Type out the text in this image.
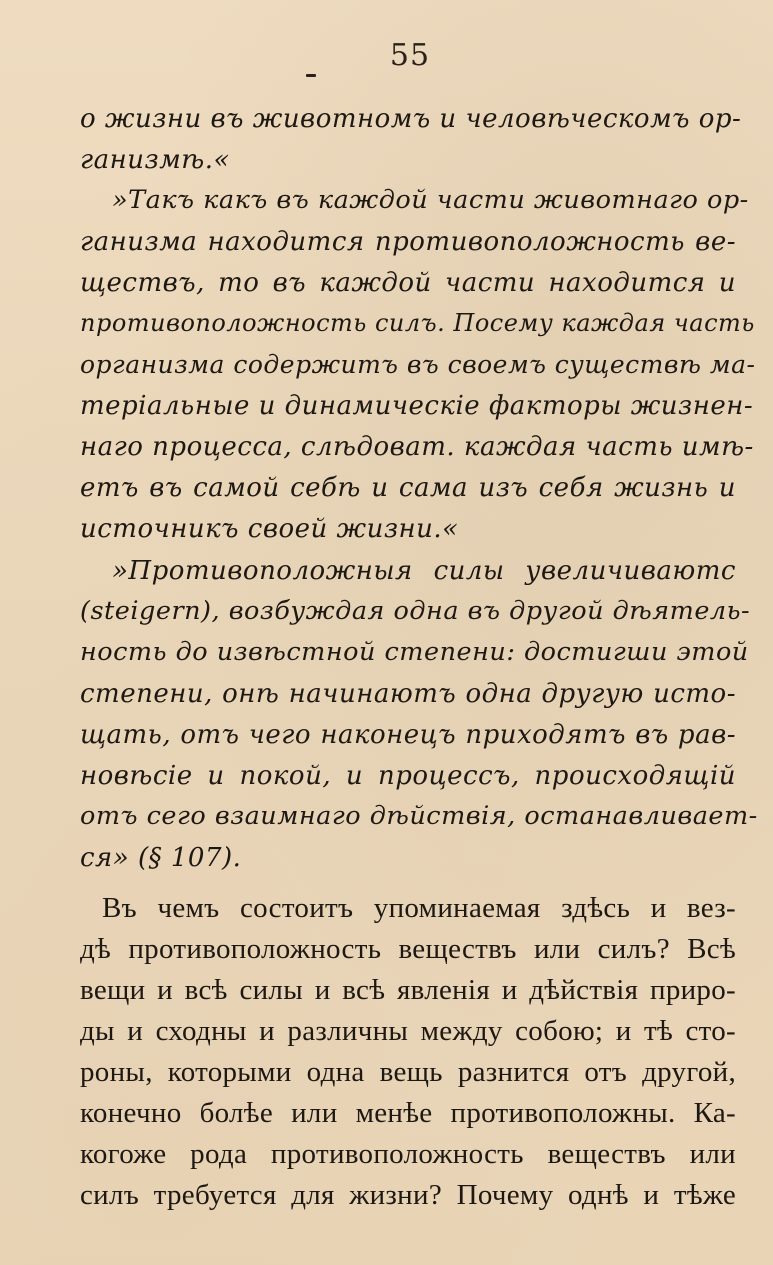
55
о жизни въ животномъ и человѣческомъ ор-
ганизмѣ.«
»Такъ какъ въ каждой части животнаго ор-
ганизма находится противоположность ве-
ществъ, то въ каждой части находится и
противоположность силъ. Посему каждая часть
организма содержитъ въ своемъ существѣ ма-
теріальные и динамическіе факторы жизнен-
наго процесса, слѣдоват. каждая часть имѣ-
етъ въ самой себѣ и сама изъ себя жизнь и
источникъ своей жизни.«
»Противоположныя силы увеличиваютс
(steigern), возбуждая одна въ другой дѣятель-
ность до извѣстной степени: достигши этой
степени, онѣ начинаютъ одна другую исто-
щать, отъ чего наконецъ приходятъ въ рав-
новѣсіе и покой, и процессъ, происходящій
отъ сего взаимнаго дѣйствія, останавливает-
ся» (§ 107).
Въ чемъ состоитъ упоминаемая здѣсь и вез-
дѣ противоположность веществъ или силъ? Всѣ
вещи и всѣ силы и всѣ явленія и дѣйствія приро-
ды и сходны и различны между собою; и тѣ сто-
роны, которыми одна вещь разнится отъ другой,
конечно болѣе или менѣе противоположны. Ка-
когоже рода противоположность веществъ или
силъ требуется для жизни? Почему однѣ и тѣже
